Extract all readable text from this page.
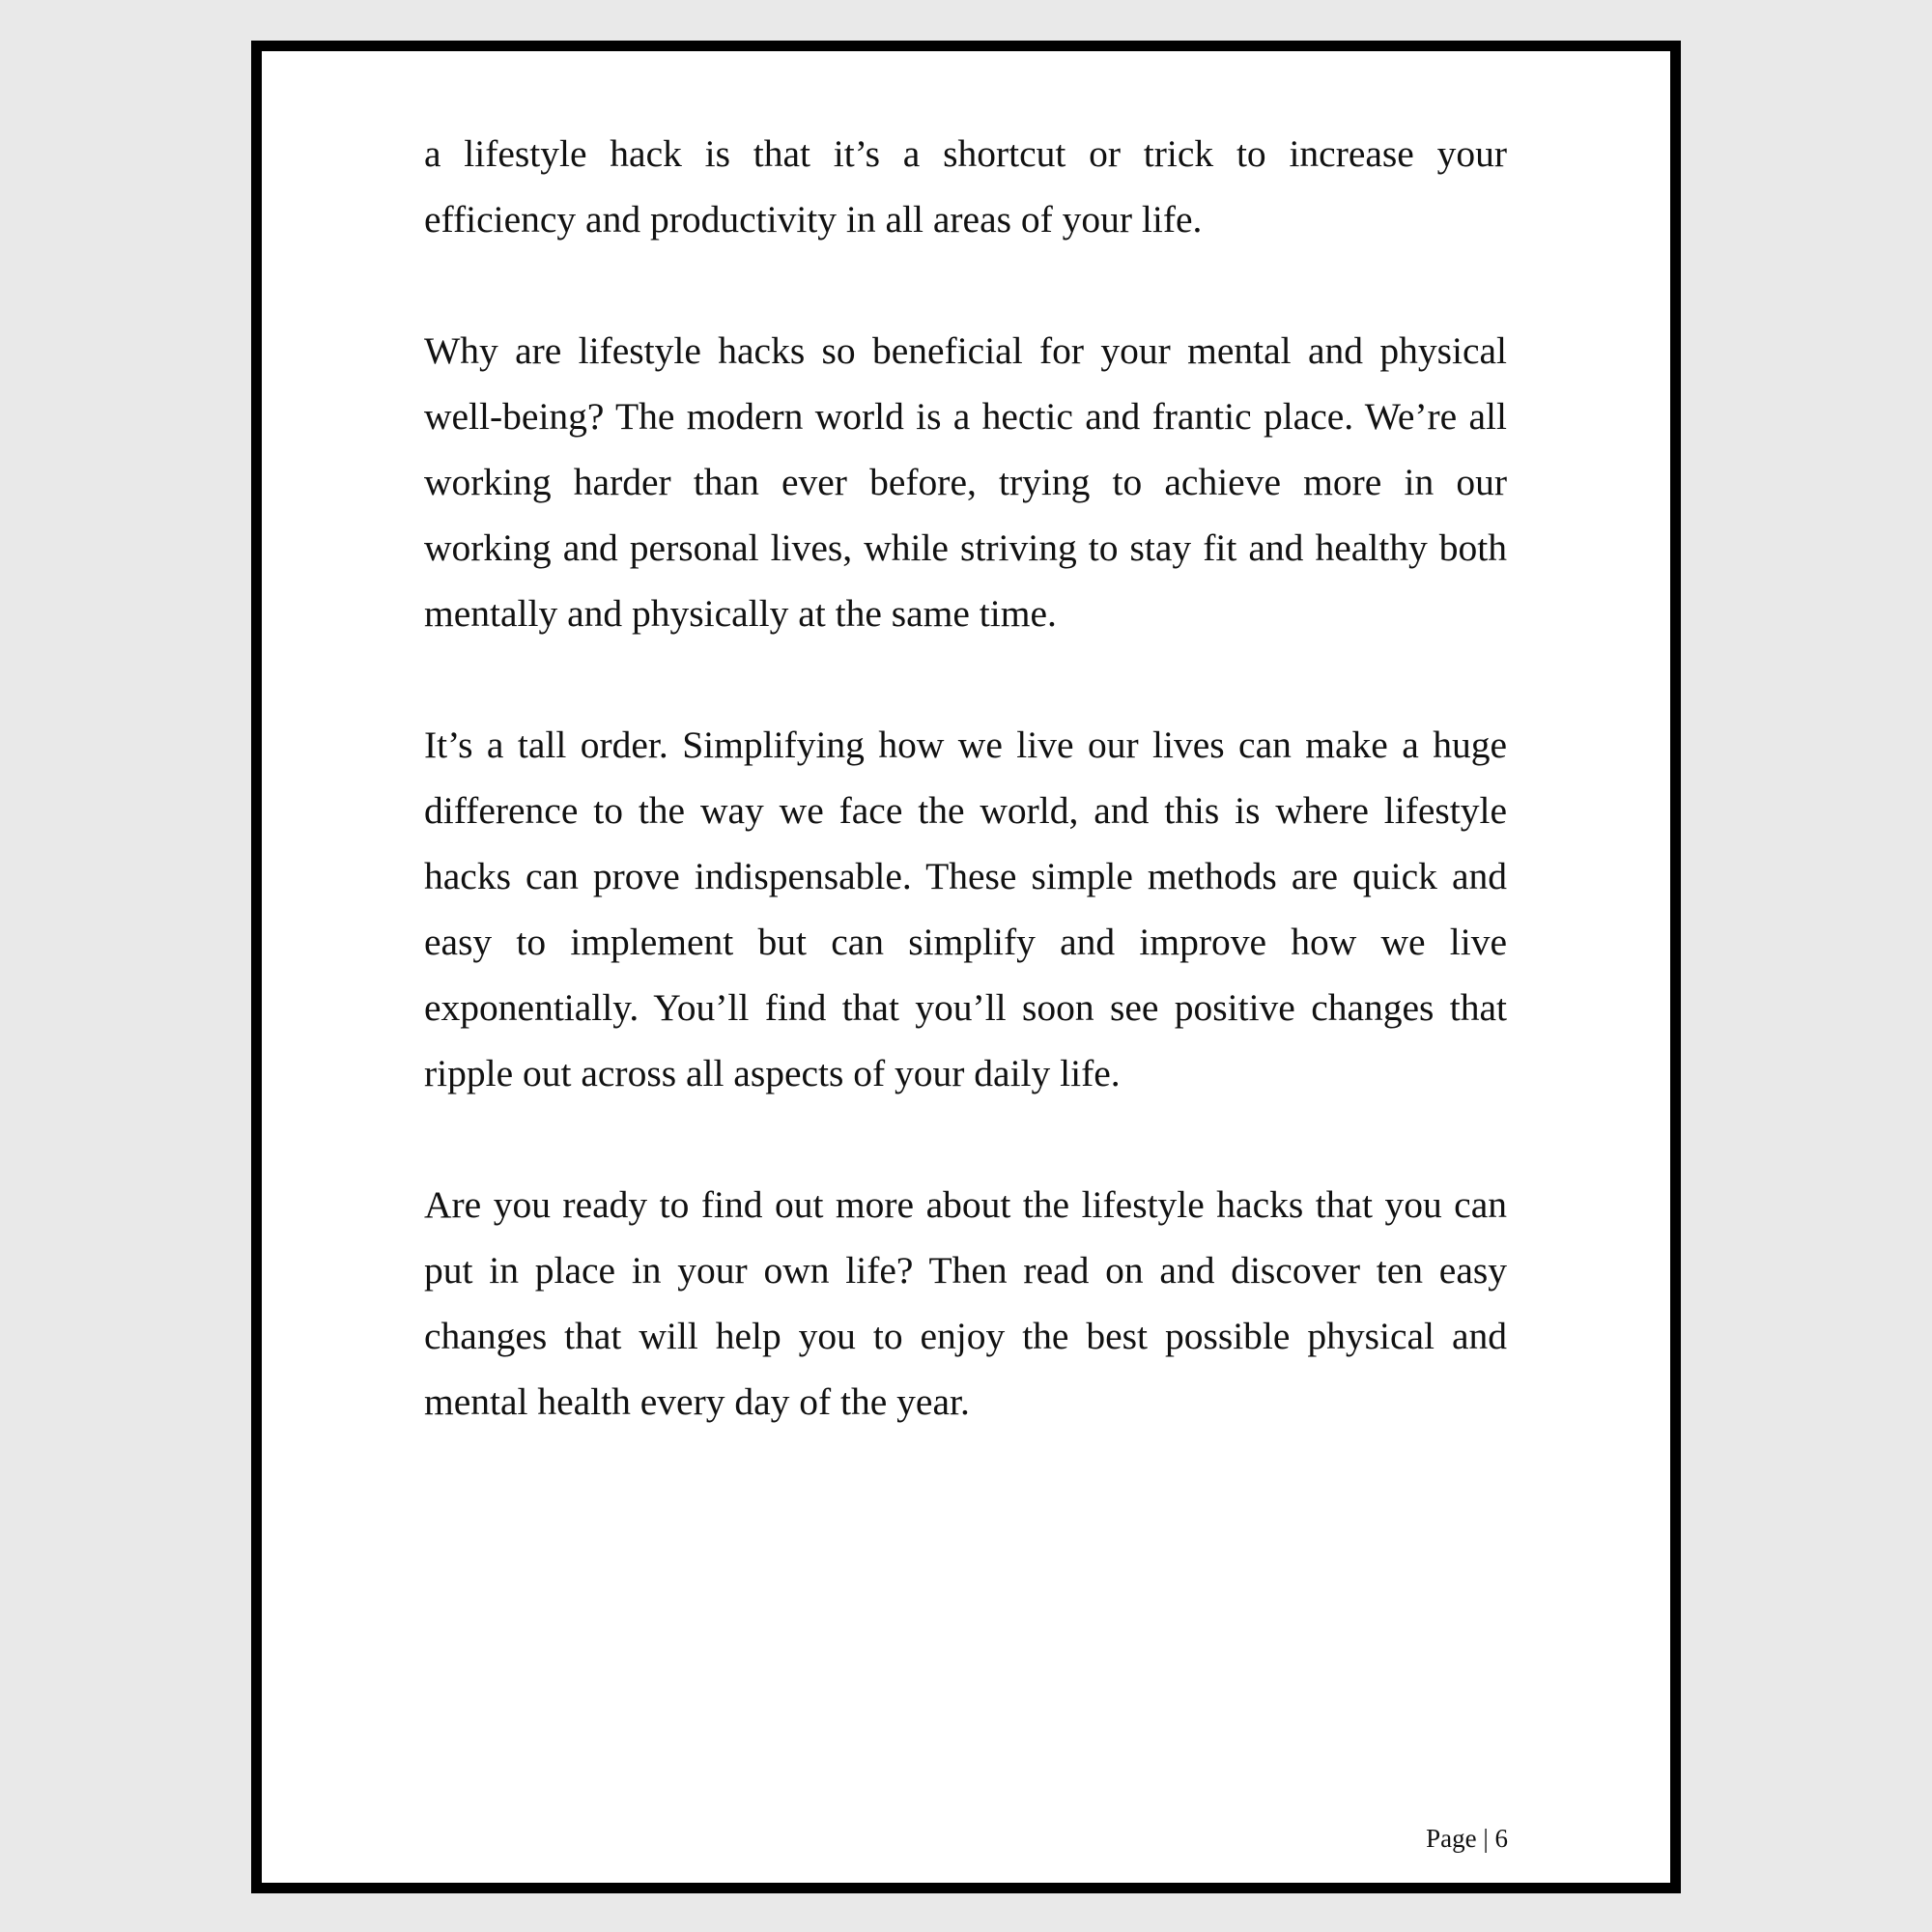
a lifestyle hack is that it’s a shortcut or trick to increase your efficiency and productivity in all areas of your life.

Why are lifestyle hacks so beneficial for your mental and physical well-being? The modern world is a hectic and frantic place. We’re all working harder than ever before, trying to achieve more in our working and personal lives, while striving to stay fit and healthy both mentally and physically at the same time.

It’s a tall order. Simplifying how we live our lives can make a huge difference to the way we face the world, and this is where lifestyle hacks can prove indispensable. These simple methods are quick and easy to implement but can simplify and improve how we live exponentially. You’ll find that you’ll soon see positive changes that ripple out across all aspects of your daily life.

Are you ready to find out more about the lifestyle hacks that you can put in place in your own life? Then read on and discover ten easy changes that will help you to enjoy the best possible physical and mental health every day of the year.

Page | 6
